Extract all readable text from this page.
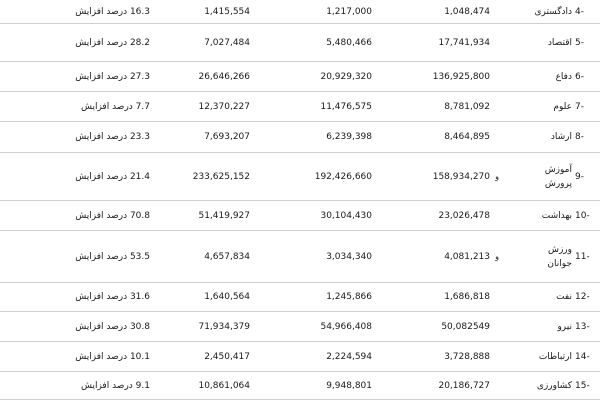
4-
دادگستری
1,048,474
1,217,000
1,415,554
16.3 درصد افزایش
5-
اقتصاد
17,741,934
5,480,466
7,027,484
28.2 درصد افزایش
6-
دفاع
136,925,800
20,929,320
26,646,266
27.3 درصد افزایش
7-
علوم
8,781,092
11,476,575
12,370,227
7.7 درصد افزایش
8-
ارشاد
8,464,895
6,239,398
7,693,207
23.3 درصد افزایش
9-
آموزش
پرورش
و
158,934,270
192,426,660
233,625,152
21.4 درصد افزایش
10-
بهداشت
23,026,478
30,104,430
51,419,927
70.8 درصد افزایش
11-
ورزش
جوانان
و
4,081,213
3,034,340
4,657,834
53.5 درصد افزایش
12-
نفت
1,686,818
1,245,866
1,640,564
31.6 درصد افزایش
13-
نیرو
50,082549
54,966,408
71,934,379
30.8 درصد افزایش
14-
ارتباطات
3,728,888
2,224,594
2,450,417
10.1 درصد افزایش
15-
کشاورزی
20,186,727
9,948,801
10,861,064
9.1 درصد افزایش
